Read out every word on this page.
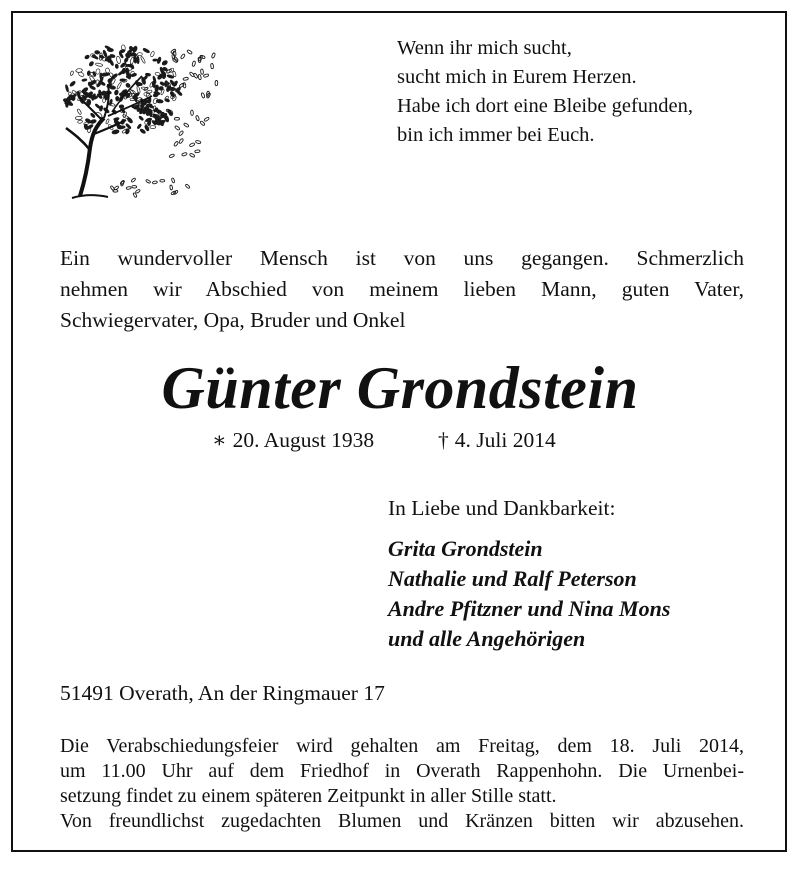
Wenn ihr mich sucht,
sucht mich in Eurem Herzen.
Habe ich dort eine Bleibe gefunden,
bin ich immer bei Euch.
Ein wundervoller Mensch ist von uns gegangen. Schmerzlich
nehmen wir Abschied von meinem lieben Mann, guten Vater,
Schwiegervater, Opa, Bruder und Onkel
Günter Grondstein
∗ 20. August 1938	† 4. Juli 2014
In Liebe und Dankbarkeit:
Grita Grondstein
Nathalie und Ralf Peterson
Andre Pfitzner und Nina Mons
und alle Angehörigen
51491 Overath, An der Ringmauer 17
Die Verabschiedungsfeier wird gehalten am Freitag, dem 18. Juli 2014,
um 11.00 Uhr auf dem Friedhof in Overath Rappenhohn. Die Urnenbei-
setzung findet zu einem späteren Zeitpunkt in aller Stille statt.
Von freundlichst zugedachten Blumen und Kränzen bitten wir abzusehen.
